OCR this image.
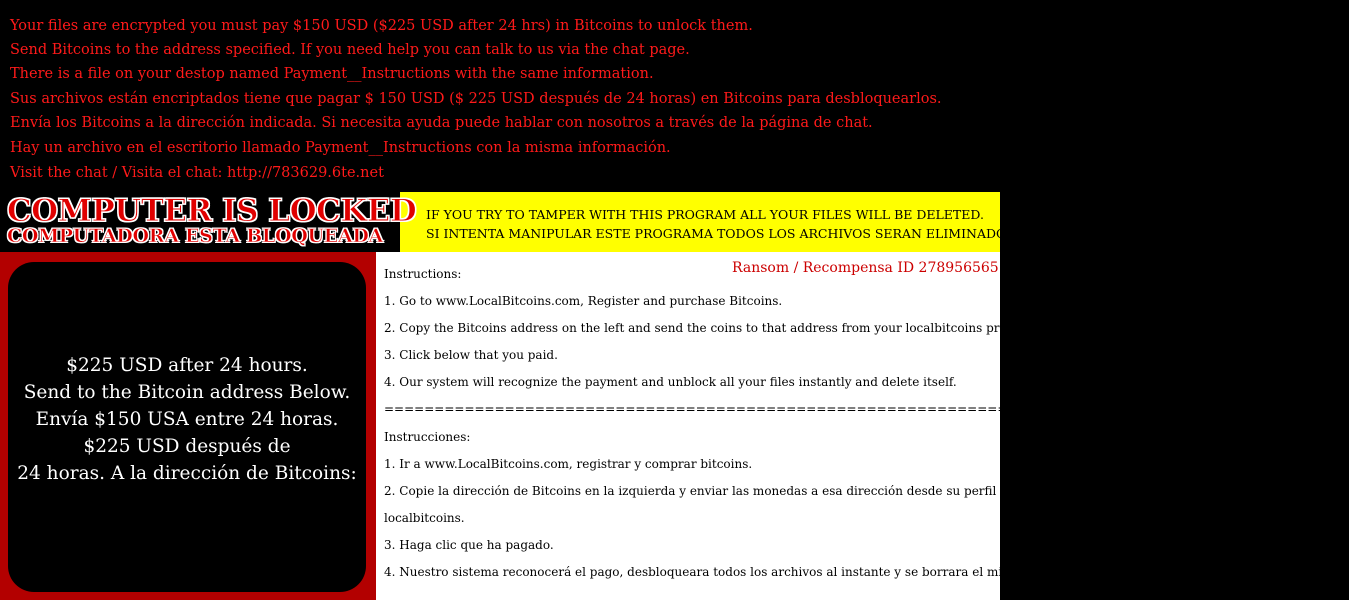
Your files are encrypted you must pay $150 USD ($225 USD after 24 hrs) in Bitcoins to unlock them.
Send Bitcoins to the address specified. If you need help you can talk to us via the chat page.
There is a file on your destop named Payment__Instructions with the same information.
Sus archivos están encriptados tiene que pagar $ 150 USD ($ 225 USD después de 24 horas) en Bitcoins para desbloquearlos.
Envía los Bitcoins a la dirección indicada. Si necesita ayuda puede hablar con nosotros a través de la página de chat.
Hay un archivo en el escritorio llamado Payment__Instructions con la misma información.
Visit the chat / Visita el chat: http://783629.6te.net
COMPUTER IS LOCKED
COMPUTADORA ESTA BLOQUEADA
IF YOU TRY TO TAMPER WITH THIS PROGRAM ALL YOUR FILES WILL BE DELETED.
SI INTENTA MANIPULAR ESTE PROGRAMA TODOS LOS ARCHIVOS SERAN ELIMINADOS.
$225 USD after 24 hours.
Send to the Bitcoin address Below.
Envía $150 USA entre 24 horas.
$225 USD después de
24 horas. A la dirección de Bitcoins:
Ransom / Recompensa ID 278956565
Instructions:
1. Go to www.LocalBitcoins.com, Register and purchase Bitcoins.
2. Copy the Bitcoins address on the left and send the coins to that address from your localbitcoins profile.
3. Click below that you paid.
4. Our system will recognize the payment and unblock all your files instantly and delete itself.
================================================================================================
Instrucciones:
1. Ir a www.LocalBitcoins.com, registrar y comprar bitcoins.
2. Copie la dirección de Bitcoins en la izquierda y enviar las monedas a esa dirección desde su perfil en
localbitcoins.
3. Haga clic que ha pagado.
4. Nuestro sistema reconocerá el pago, desbloqueara todos los archivos al instante y se borrara el mismo.
